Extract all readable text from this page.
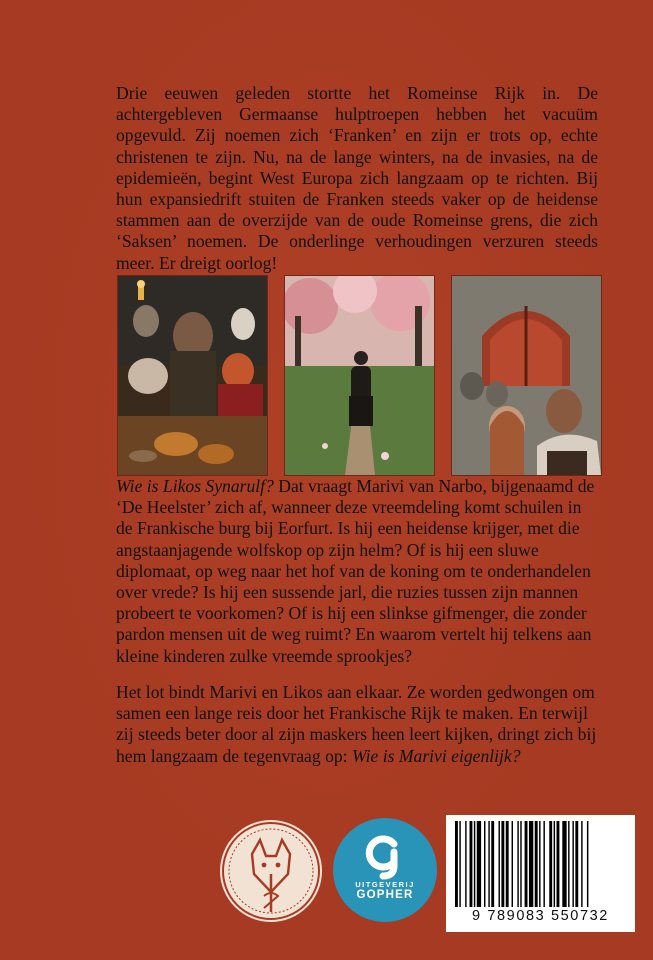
Drie eeuwen geleden stortte het Romeinse Rijk in. De achtergebleven Germaanse hulptroepen hebben het vacuüm opgevuld. Zij noemen zich ‘Franken’ en zijn er trots op, echte christenen te zijn. Nu, na de lange winters, na de invasies, na de epidemieën, begint West Europa zich langzaam op te richten. Bij hun expansiedrift stuiten de Franken steeds vaker op de heidense stammen aan de overzijde van de oude Romeinse grens, die zich ‘Saksen’ noemen. De onderlinge verhoudingen verzuren steeds meer. Er dreigt oorlog!

Wie is Likos Synarulf? Dat vraagt Marivi van Narbo, bijgenaamd de ‘De Heelster’ zich af, wanneer deze vreemdeling komt schuilen in de Frankische burg bij Eorfurt. Is hij een heidense krijger, met die angstaanjagende wolfskop op zijn helm? Of is hij een sluwe diplomaat, op weg naar het hof van de koning om te onderhandelen over vrede? Is hij een sussende jarl, die ruzies tussen zijn mannen probeert te voorkomen? Of is hij een slinkse gifmenger, die zonder pardon mensen uit de weg ruimt? En waarom vertelt hij telkens aan kleine kinderen zulke vreemde sprookjes?

Het lot bindt Marivi en Likos aan elkaar. Ze worden gedwongen om samen een lange reis door het Frankische Rijk te maken. En terwijl zij steeds beter door al zijn maskers heen leert kijken, dringt zich bij hem langzaam de tegenvraag op: Wie is Marivi eigenlijk?

UITGEVERIJ
GOPHER
9 789083 550732
